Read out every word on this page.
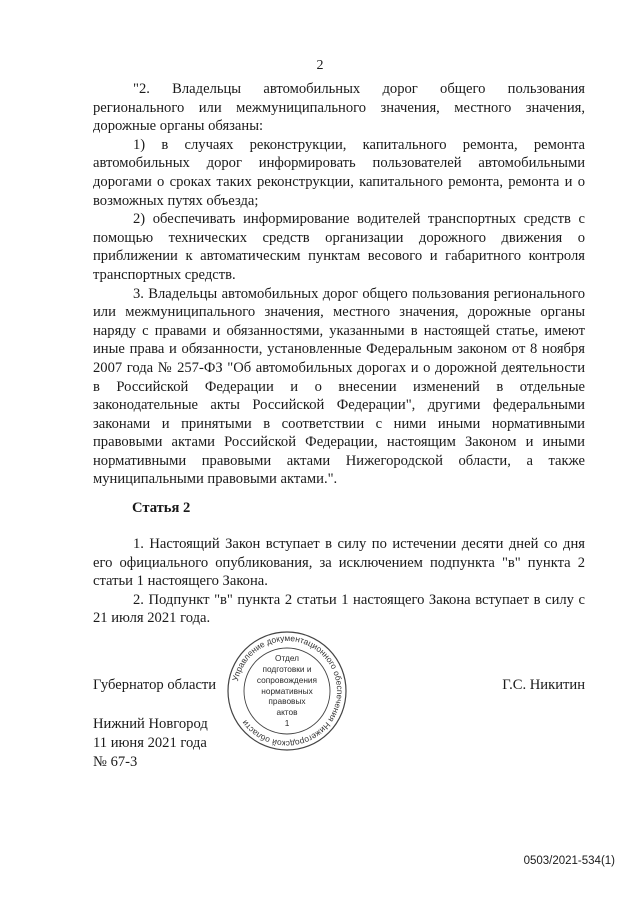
2

"2. Владельцы автомобильных дорог общего пользования регионального или межмуниципального значения, местного значения, дорожные органы обязаны:

1) в случаях реконструкции, капитального ремонта, ремонта автомобильных дорог информировать пользователей автомобильными дорогами о сроках таких реконструкции, капитального ремонта, ремонта и о возможных путях объезда;

2) обеспечивать информирование водителей транспортных средств с помощью технических средств организации дорожного движения о приближении к автоматическим пунктам весового и габаритного контроля транспортных средств.

3. Владельцы автомобильных дорог общего пользования регионального или межмуниципального значения, местного значения, дорожные органы наряду с правами и обязанностями, указанными в настоящей статье, имеют иные права и обязанности, установленные Федеральным законом от 8 ноября 2007 года № 257-ФЗ "Об автомобильных дорогах и о дорожной деятельности в Российской Федерации и о внесении изменений в отдельные законодательные акты Российской Федерации", другими федеральными законами и принятыми в соответствии с ними иными нормативными правовыми актами Российской Федерации, настоящим Законом и иными нормативными правовыми актами Нижегородской области, а также муниципальными правовыми актами.".

Статья 2

1. Настоящий Закон вступает в силу по истечении десяти дней со дня его официального опубликования, за исключением подпункта "в" пункта 2 статьи 1 настоящего Закона.

2. Подпункт "в" пункта 2 статьи 1 настоящего Закона вступает в силу с 21 июля 2021 года.

Губернатор области	Г.С. Никитин
Нижний Новгород
11 июня 2021 года
№ 67-3
Управление документационного обеспечения Нижегородской области
Отдел
подготовки и
сопровождения
нормативных
правовых
актов
1
0503/2021-534(1)
